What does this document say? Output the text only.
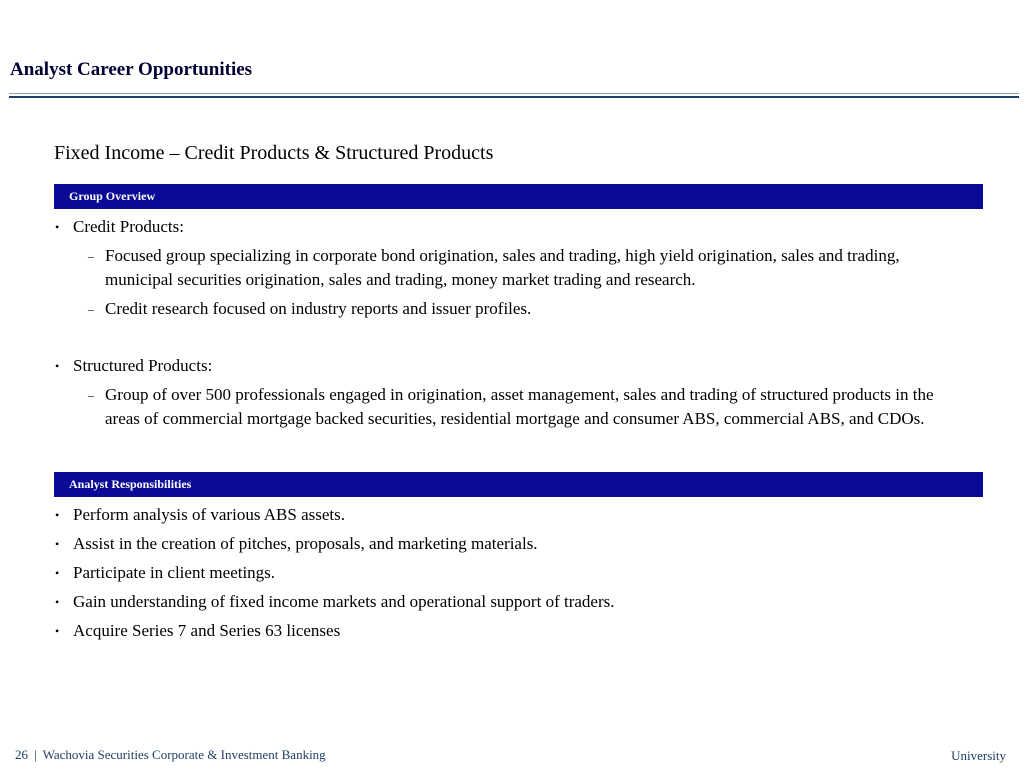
Analyst Career Opportunities
Fixed Income – Credit Products & Structured Products
Group Overview
• Credit Products:
– Focused group specializing in corporate bond origination, sales and trading, high yield origination, sales and trading, municipal securities origination, sales and trading, money market trading and research.
– Credit research focused on industry reports and issuer profiles.
• Structured Products:
– Group of over 500 professionals engaged in origination, asset management, sales and trading of structured products in the areas of commercial mortgage backed securities, residential mortgage and consumer ABS, commercial ABS, and CDOs.
Analyst Responsibilities
• Perform analysis of various ABS assets.
• Assist in the creation of pitches, proposals, and marketing materials.
• Participate in client meetings.
• Gain understanding of fixed income markets and operational support of traders.
• Acquire Series 7 and Series 63 licenses
26 | Wachovia Securities Corporate & Investment Banking	University
